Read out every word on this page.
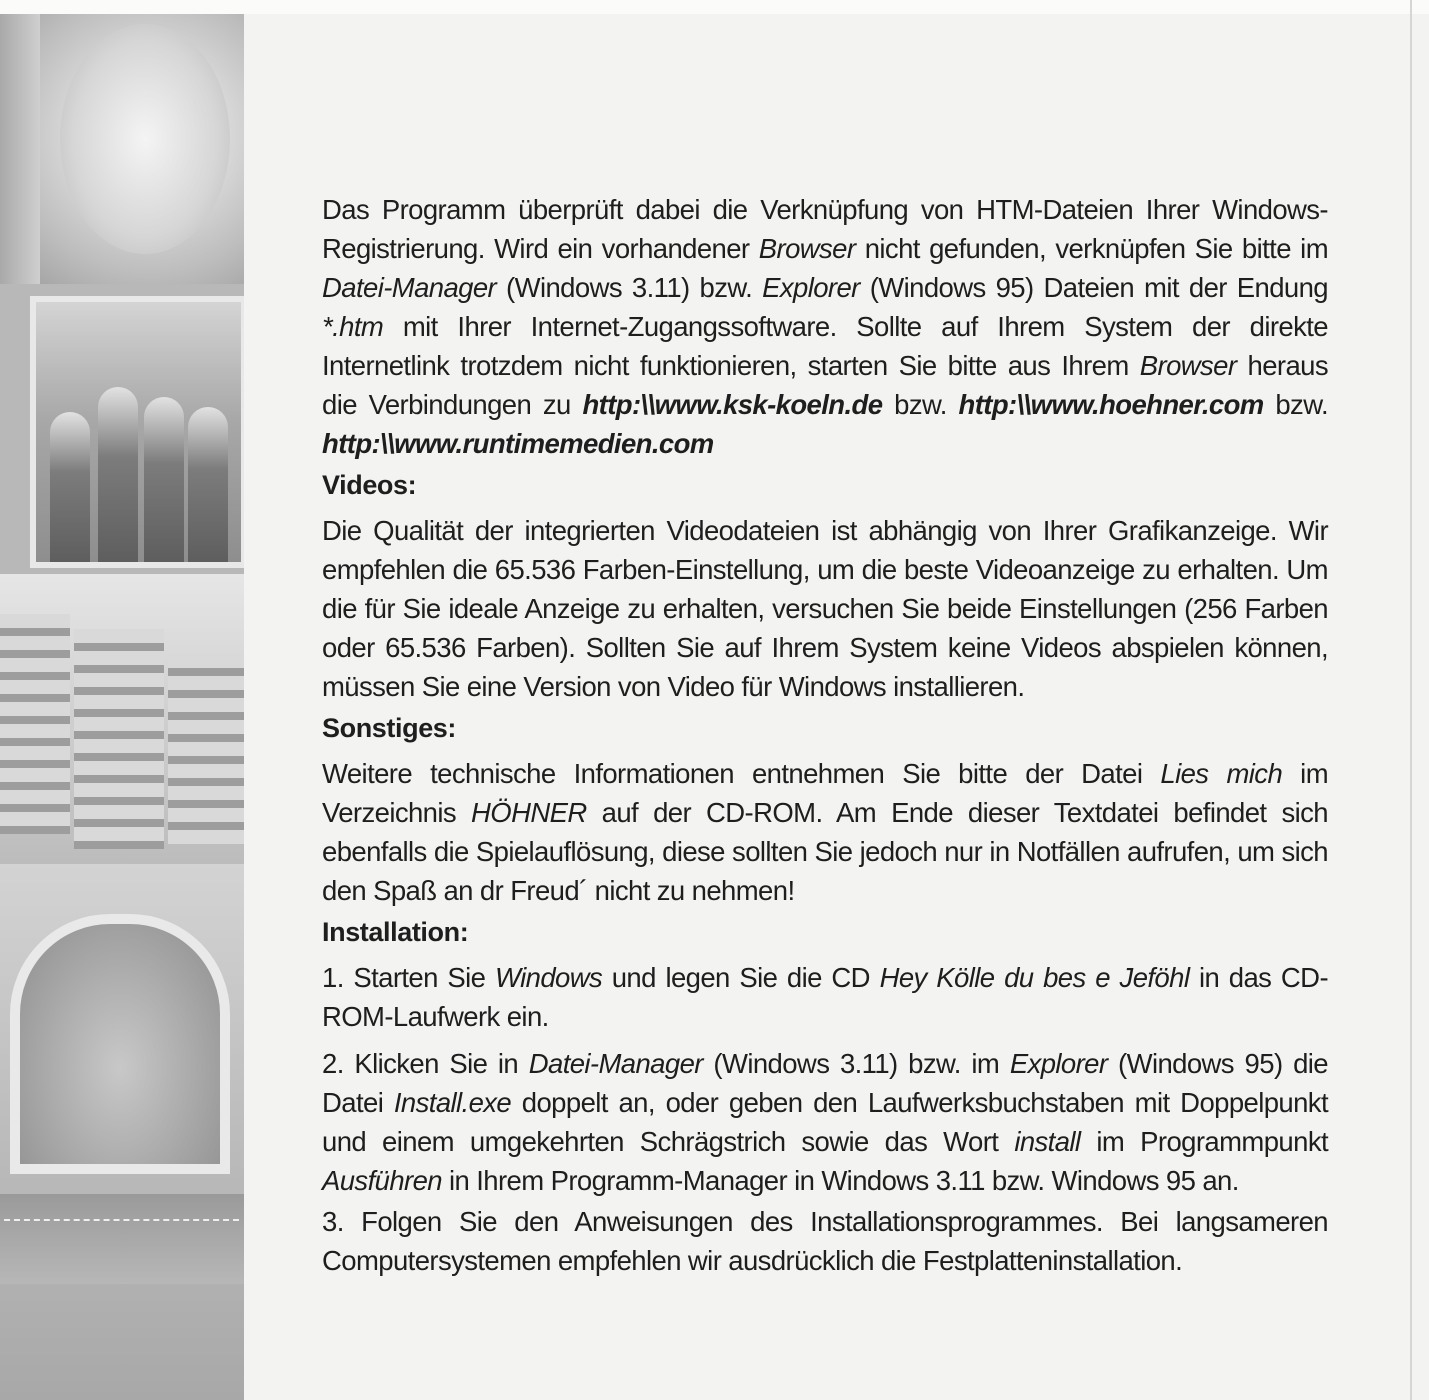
Das Programm überprüft dabei die Verknüpfung von HTM-Dateien Ihrer Windows-Registrierung. Wird ein vorhandener Browser nicht gefunden, verknüpfen Sie bitte im Datei-Manager (Windows 3.11) bzw. Explorer (Windows 95) Dateien mit der Endung *.htm mit Ihrer Internet-Zugangssoftware. Sollte auf Ihrem System der direkte Internetlink trotzdem nicht funktionieren, starten Sie bitte aus Ihrem Browser heraus die Verbindungen zu http:\\www.ksk-koeln.de bzw. http:\\www.hoehner.com bzw. http:\\www.runtimemedien.com

Videos:

Die Qualität der integrierten Videodateien ist abhängig von Ihrer Grafikanzeige. Wir empfehlen die 65.536 Farben-Einstellung, um die beste Videoanzeige zu erhalten. Um die für Sie ideale Anzeige zu erhalten, versuchen Sie beide Einstellungen (256 Farben oder 65.536 Farben). Sollten Sie auf Ihrem System keine Videos abspielen können, müssen Sie eine Version von Video für Windows installieren.

Sonstiges:

Weitere technische Informationen entnehmen Sie bitte der Datei Lies mich im Verzeichnis HÖHNER auf der CD-ROM. Am Ende dieser Textdatei befindet sich ebenfalls die Spielauflösung, diese sollten Sie jedoch nur in Notfällen aufrufen, um sich den Spaß an dr Freud´ nicht zu nehmen!

Installation:

1. Starten Sie Windows und legen Sie die CD Hey Kölle du bes e Jeföhl in das CD-ROM-Laufwerk ein.

2. Klicken Sie in Datei-Manager (Windows 3.11) bzw. im Explorer (Windows 95) die Datei Install.exe doppelt an, oder geben den Laufwerksbuchstaben mit Doppelpunkt und einem umgekehrten Schrägstrich sowie das Wort install im Programmpunkt Ausführen in Ihrem Programm-Manager in Windows 3.11 bzw. Windows 95 an.

3. Folgen Sie den Anweisungen des Installationsprogrammes. Bei langsameren Computersystemen empfehlen wir ausdrücklich die Festplatteninstallation.
